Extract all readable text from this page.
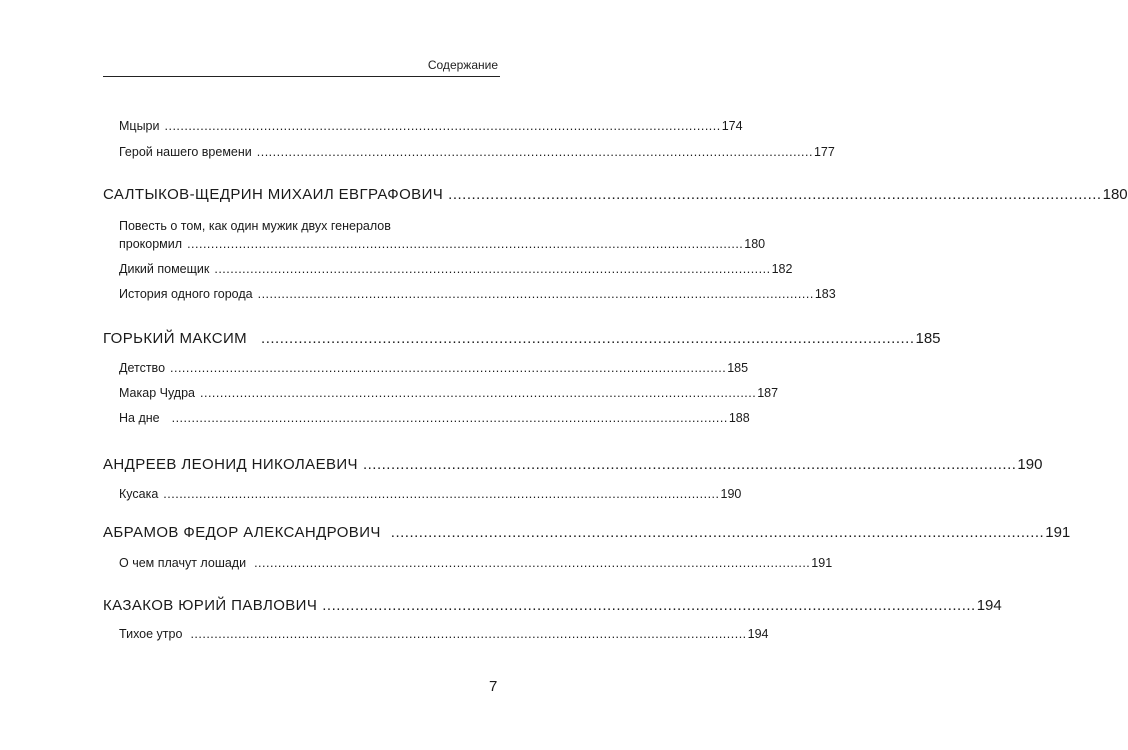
Содержание
Мцыри ............................................................................................................................................ 174
Герой нашего времени ............................................................................................................................................ 177
САЛТЫКОВ-ЩЕДРИН МИХАИЛ ЕВГРАФОВИЧ ............................................................................................................................................ 180
Повесть о том, как один мужик двух генералов
прокормил ............................................................................................................................................ 180
Дикий помещик ............................................................................................................................................ 182
История одного города ............................................................................................................................................ 183
ГОРЬКИЙ МАКСИМ ............................................................................................................................................ 185
Детство ............................................................................................................................................ 185
Макар Чудра ............................................................................................................................................ 187
На дне ............................................................................................................................................ 188
АНДРЕЕВ ЛЕОНИД НИКОЛАЕВИЧ ............................................................................................................................................ 190
Кусака ............................................................................................................................................ 190
АБРАМОВ ФЕДОР АЛЕКСАНДРОВИЧ ............................................................................................................................................ 191
О чем плачут лошади ............................................................................................................................................ 191
КАЗАКОВ ЮРИЙ ПАВЛОВИЧ ............................................................................................................................................ 194
Тихое утро ............................................................................................................................................ 194
7
